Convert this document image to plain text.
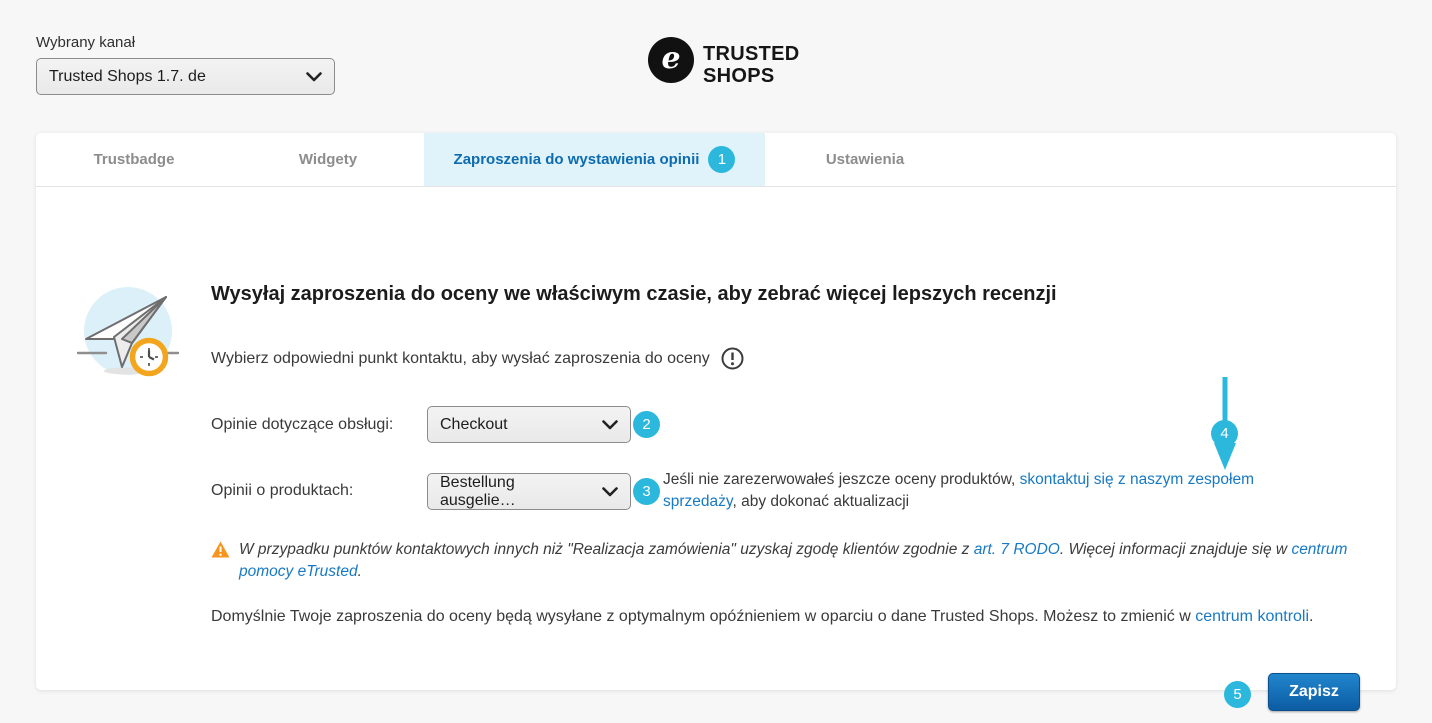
Wybrany kanał
Trusted Shops 1.7. de	e TRUSTED
SHOPS
Trustbadge	Widgety	Zaproszenia do wystawienia opinii	1	Ustawienia
Wysyłaj zaproszenia do oceny we właściwym czasie, aby zebrać więcej lepszych recenzji
Wybierz odpowiedni punkt kontaktu, aby wysłać zaproszenia do oceny
Opinie dotyczące obsługi:	Checkout	2
Opinii o produktach:	Bestellung ausgelie…	3
Jeśli nie zarezerwowałeś jeszcze oceny produktów, skontaktuj się z naszym zespołem sprzedaży, aby dokonać aktualizacji
4
W przypadku punktów kontaktowych innych niż "Realizacja zamówienia" uzyskaj zgodę klientów zgodnie z art. 7 RODO. Więcej informacji znajduje się w centrum pomocy eTrusted.
Domyślnie Twoje zaproszenia do oceny będą wysyłane z optymalnym opóźnieniem w oparciu o dane Trusted Shops. Możesz to zmienić w centrum kontroli.
5	Zapisz
